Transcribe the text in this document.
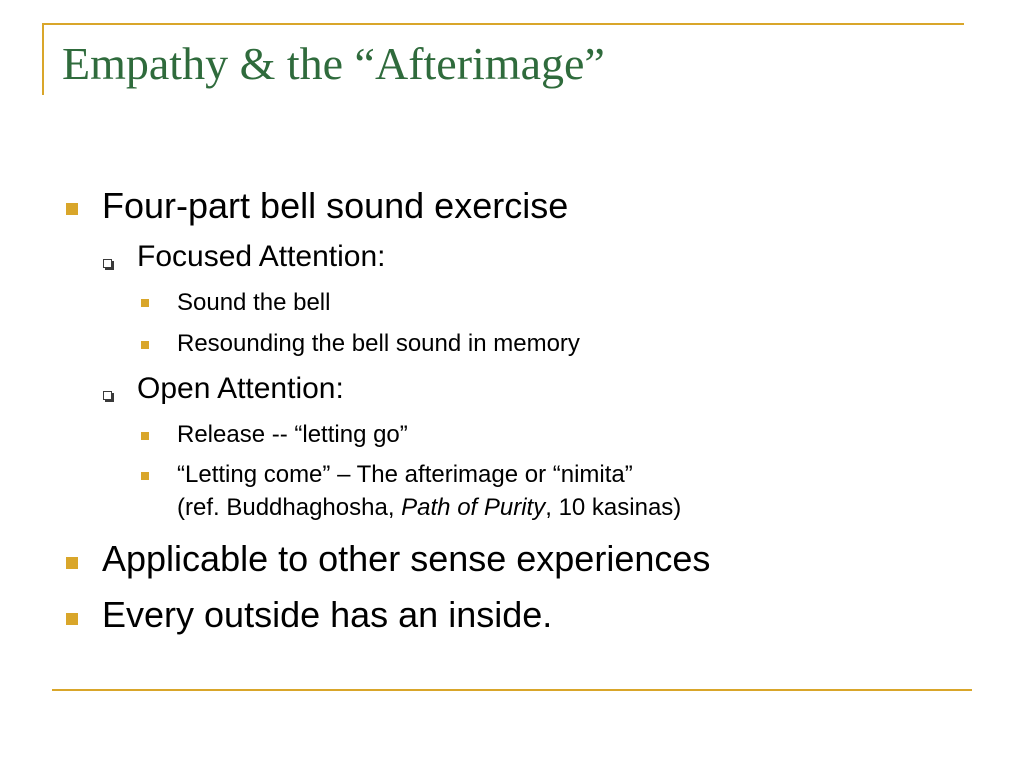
Empathy & the “Afterimage”
Four-part bell sound exercise
Focused Attention:
Sound the bell
Resounding the bell sound in memory
Open Attention:
Release -- “letting go”
“Letting come” – The afterimage or “nimita”
(ref. Buddhaghosha, Path of Purity, 10 kasinas)
Applicable to other sense experiences
Every outside has an inside.
